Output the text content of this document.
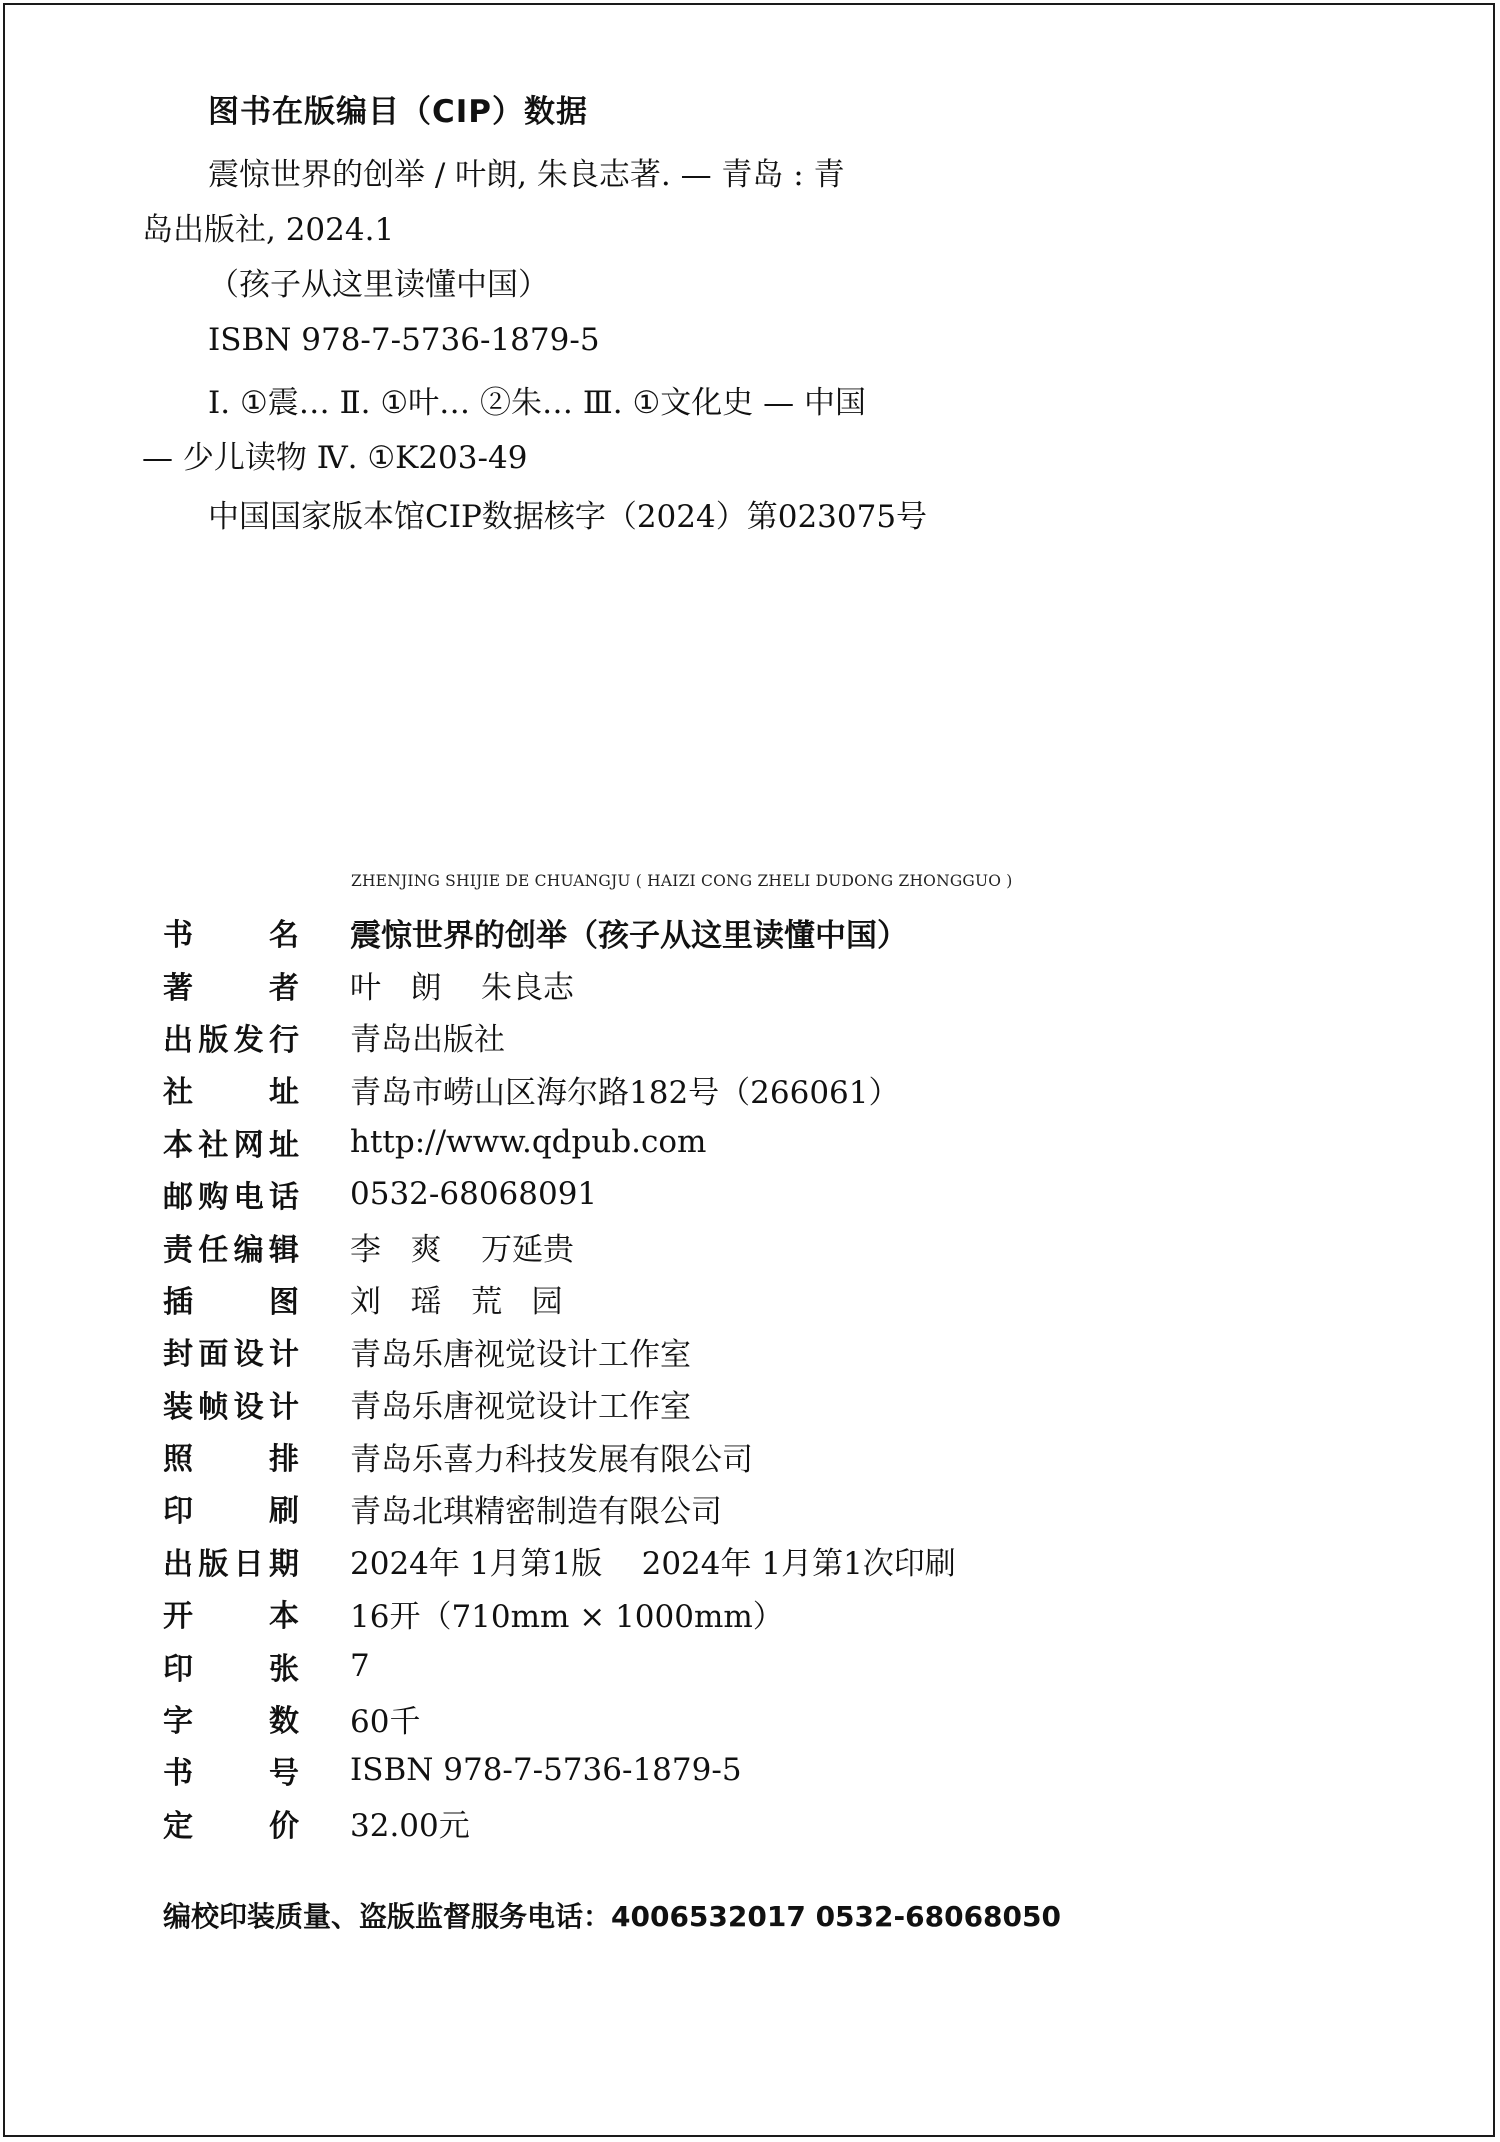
图书在版编目（CIP）数据

震惊世界的创举 / 叶朗, 朱良志著. — 青岛 : 青

岛出版社, 2024.1

（孩子从这里读懂中国）

ISBN 978-7-5736-1879-5

Ⅰ. ①震… Ⅱ. ①叶… ②朱… Ⅲ. ①文化史 — 中国

— 少儿读物 Ⅳ. ①K203-49

中国国家版本馆CIP数据核字（2024）第023075号

ZHENJING SHIJIE DE CHUANGJU ( HAIZI CONG ZHELI DUDONG ZHONGGUO )
书	名 震惊世界的创举（孩子从这里读懂中国）
著	者 叶   朗    朱良志
出 版 发 行 青岛出版社
社	址 青岛市崂山区海尔路182号（266061）
本 社 网 址 http://www.qdpub.com
邮 购 电 话 0532-68068091
责 任 编 辑 李   爽    万延贵
插	图 刘   瑶   荒   园
封 面 设 计 青岛乐唐视觉设计工作室
装 帧 设 计 青岛乐唐视觉设计工作室
照	排 青岛乐喜力科技发展有限公司
印	刷 青岛北琪精密制造有限公司
出 版 日 期 2024年 1月第1版    2024年 1月第1次印刷
开	本 16开（710mm × 1000mm）
印	张 7
字	数 60千
书	号 ISBN 978-7-5736-1879-5
定	价 32.00元
编校印装质量、盗版监督服务电话：4006532017 0532-68068050
